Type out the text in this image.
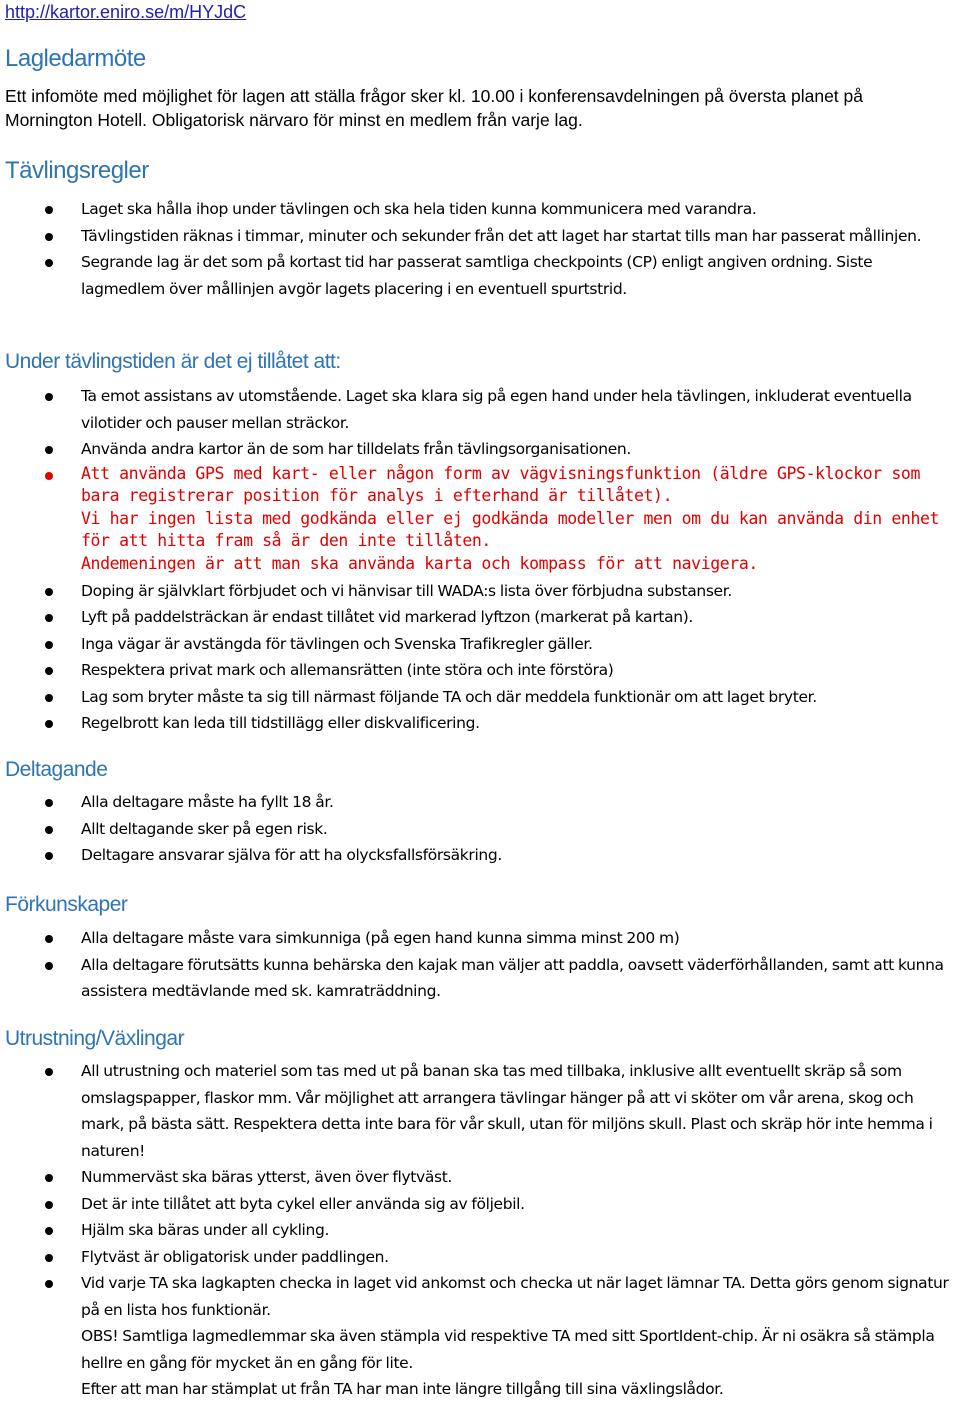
http://kartor.eniro.se/m/HYJdC
Lagledarmöte

Ett infomöte med möjlighet för lagen att ställa frågor sker kl. 10.00 i konferensavdelningen på översta planet på Mornington Hotell. Obligatorisk närvaro för minst en medlem från varje lag.

Tävlingsregler
Laget ska hålla ihop under tävlingen och ska hela tiden kunna kommunicera med varandra.
Tävlingstiden räknas i timmar, minuter och sekunder från det att laget har startat tills man har passerat mållinjen.
Segrande lag är det som på kortast tid har passerat samtliga checkpoints (CP) enligt angiven ordning. Siste lagmedlem över mållinjen avgör lagets placering i en eventuell spurtstrid.
Under tävlingstiden är det ej tillåtet att:
Ta emot assistans av utomstående. Laget ska klara sig på egen hand under hela tävlingen, inkluderat eventuella vilotider och pauser mellan sträckor.
Använda andra kartor än de som har tilldelats från tävlingsorganisationen.
Att använda GPS med kart- eller någon form av vägvisningsfunktion (äldre GPS-klockor som bara registrerar position för analys i efterhand är tillåtet).
Vi har ingen lista med godkända eller ej godkända modeller men om du kan använda din enhet för att hitta fram så är den inte tillåten.
Andemeningen är att man ska använda karta och kompass för att navigera.
Doping är självklart förbjudet och vi hänvisar till WADA:s lista över förbjudna substanser.
Lyft på paddelsträckan är endast tillåtet vid markerad lyftzon (markerat på kartan).
Inga vägar är avstängda för tävlingen och Svenska Trafikregler gäller.
Respektera privat mark och allemansrätten (inte störa och inte förstöra)
Lag som bryter måste ta sig till närmast följande TA och där meddela funktionär om att laget bryter.
Regelbrott kan leda till tidstillägg eller diskvalificering.
Deltagande
Alla deltagare måste ha fyllt 18 år.
Allt deltagande sker på egen risk.
Deltagare ansvarar själva för att ha olycksfallsförsäkring.
Förkunskaper
Alla deltagare måste vara simkunniga (på egen hand kunna simma minst 200 m)
Alla deltagare förutsätts kunna behärska den kajak man väljer att paddla, oavsett väderförhållanden, samt att kunna assistera medtävlande med sk. kamraträddning.
Utrustning/Växlingar
All utrustning och materiel som tas med ut på banan ska tas med tillbaka, inklusive allt eventuellt skräp så som omslagspapper, flaskor mm. Vår möjlighet att arrangera tävlingar hänger på att vi sköter om vår arena, skog och mark, på bästa sätt. Respektera detta inte bara för vår skull, utan för miljöns skull. Plast och skräp hör inte hemma i naturen!
Nummerväst ska bäras ytterst, även över flytväst.
Det är inte tillåtet att byta cykel eller använda sig av följebil.
Hjälm ska bäras under all cykling.
Flytväst är obligatorisk under paddlingen.
Vid varje TA ska lagkapten checka in laget vid ankomst och checka ut när laget lämnar TA. Detta görs genom signatur på en lista hos funktionär.
OBS! Samtliga lagmedlemmar ska även stämpla vid respektive TA med sitt SportIdent-chip. Är ni osäkra så stämpla hellre en gång för mycket än en gång för lite.
Efter att man har stämplat ut från TA har man inte längre tillgång till sina växlingslådor.
